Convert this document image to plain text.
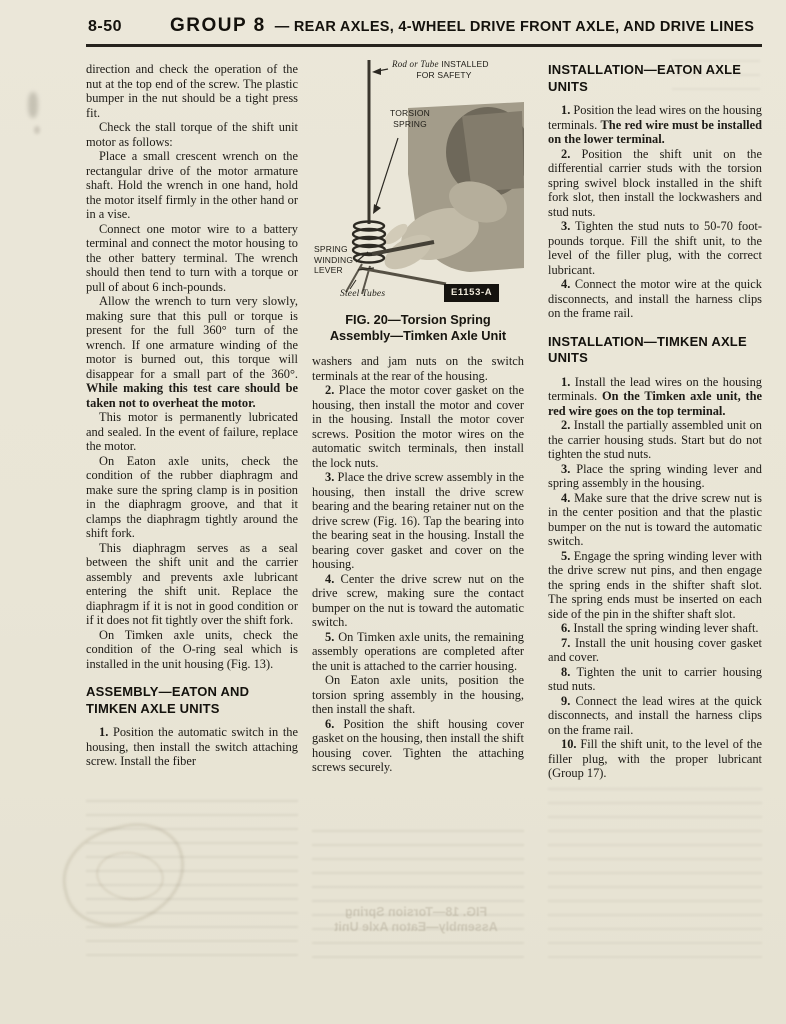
8-50	GROUP 8 — REAR AXLES, 4-WHEEL DRIVE FRONT AXLE, AND DRIVE LINES

direction and check the operation of the nut at the top end of the screw. The plastic bumper in the nut should be a tight press fit.

Check the stall torque of the shift unit motor as follows:

Place a small crescent wrench on the rectangular drive of the motor armature shaft. Hold the wrench in one hand, hold the motor itself firmly in the other hand or in a vise.

Connect one motor wire to a battery terminal and connect the motor housing to the other battery terminal. The wrench should then tend to turn with a torque or pull of about 6 inch-pounds.

Allow the wrench to turn very slowly, making sure that this pull or torque is present for the full 360° turn of the wrench. If one armature winding of the motor is burned out, this torque will disappear for a small part of the 360°. While making this test care should be taken not to overheat the motor.

This motor is permanently lubricated and sealed. In the event of failure, replace the motor.

On Eaton axle units, check the condition of the rubber diaphragm and make sure the spring clamp is in position in the diaphragm groove, and that it clamps the diaphragm tightly around the shift fork.

This diaphragm serves as a seal between the shift unit and the carrier assembly and prevents axle lubricant entering the shift unit. Replace the diaphragm if it is not in good condition or if it does not fit tightly over the shift fork.

On Timken axle units, check the condition of the O-ring seal which is installed in the unit housing (Fig. 13).

ASSEMBLY—EATON AND TIMKEN AXLE UNITS

1. Position the automatic switch in the housing, then install the switch attaching screw. Install the fiber

Rod or Tube INSTALLED
FOR SAFETY
TORSION SPRING
SPRING WINDING LEVER
Steel Tubes	E1153-A
FIG. 20—Torsion Spring
Assembly—Timken Axle Unit

washers and jam nuts on the switch terminals at the rear of the housing.

2. Place the motor cover gasket on the housing, then install the motor and cover in the housing. Install the motor cover screws. Position the motor wires on the automatic switch terminals, then install the lock nuts.

3. Place the drive screw assembly in the housing, then install the drive screw bearing and the bearing retainer nut on the drive screw (Fig. 16). Tap the bearing into the bearing seat in the housing. Install the bearing cover gasket and cover on the housing.

4. Center the drive screw nut on the drive screw, making sure the contact bumper on the nut is toward the automatic switch.

5. On Timken axle units, the remaining assembly operations are completed after the unit is attached to the carrier housing.

On Eaton axle units, position the torsion spring assembly in the housing, then install the shaft.

6. Position the shift housing cover gasket on the housing, then install the shift housing cover. Tighten the attaching screws securely.

INSTALLATION—EATON AXLE UNITS

1. Position the lead wires on the housing terminals. The red wire must be installed on the lower terminal.

2. Position the shift unit on the differential carrier studs with the torsion spring swivel block installed in the shift fork slot, then install the lockwashers and stud nuts.

3. Tighten the stud nuts to 50-70 foot-pounds torque. Fill the shift unit, to the level of the filler plug, with the correct lubricant.

4. Connect the motor wire at the quick disconnects, and install the harness clips on the frame rail.

INSTALLATION—TIMKEN AXLE UNITS

1. Install the lead wires on the housing terminals. On the Timken axle unit, the red wire goes on the top terminal.

2. Install the partially assembled unit on the carrier housing studs. Start but do not tighten the stud nuts.

3. Place the spring winding lever and spring assembly in the housing.

4. Make sure that the drive screw nut is in the center position and that the plastic bumper on the nut is toward the automatic switch.

5. Engage the spring winding lever with the drive screw nut pins, and then engage the spring ends in the shifter shaft slot. The spring ends must be inserted on each side of the pin in the shifter shaft slot.

6. Install the spring winding lever shaft.

7. Install the unit housing cover gasket and cover.

8. Tighten the unit to carrier housing stud nuts.

9. Connect the lead wires at the quick disconnects, and install the harness clips on the frame rail.

10. Fill the shift unit, to the level of the filler plug, with the proper lubricant (Group 17).

FIG. 18—Torsion Spring
Assembly—Eaton Axle Unit
